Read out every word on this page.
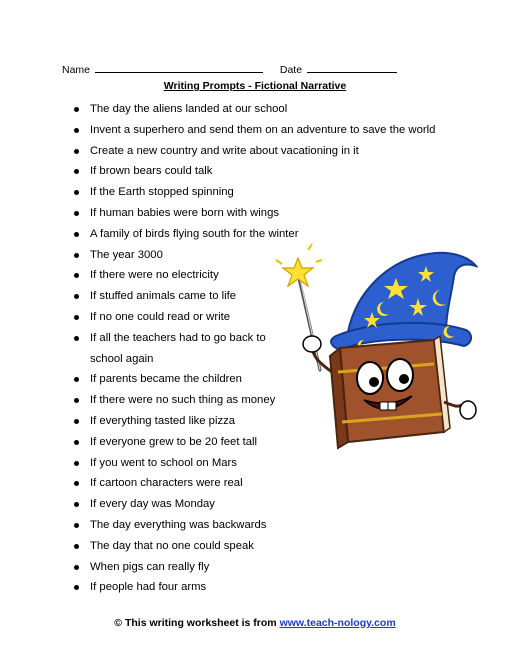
Name	Date
Writing Prompts - Fictional Narrative
The day the aliens landed at our school
Invent a superhero and send them on an adventure to save the world
Create a new country and write about vacationing in it
If brown bears could talk
If the Earth stopped spinning
If human babies were born with wings
A family of birds flying south for the winter
The year 3000
If there were no electricity
If stuffed animals came to life
If no one could read or write
If all the teachers had to go back to school again
If parents became the children
If there were no such thing as money
If everything tasted like pizza
If everyone grew to be 20 feet tall
If you went to school on Mars
If cartoon characters were real
If every day was Monday
The day everything was backwards
The day that no one could speak
When pigs can really fly
If people had four arms
© This writing worksheet is from www.teach-nology.com
